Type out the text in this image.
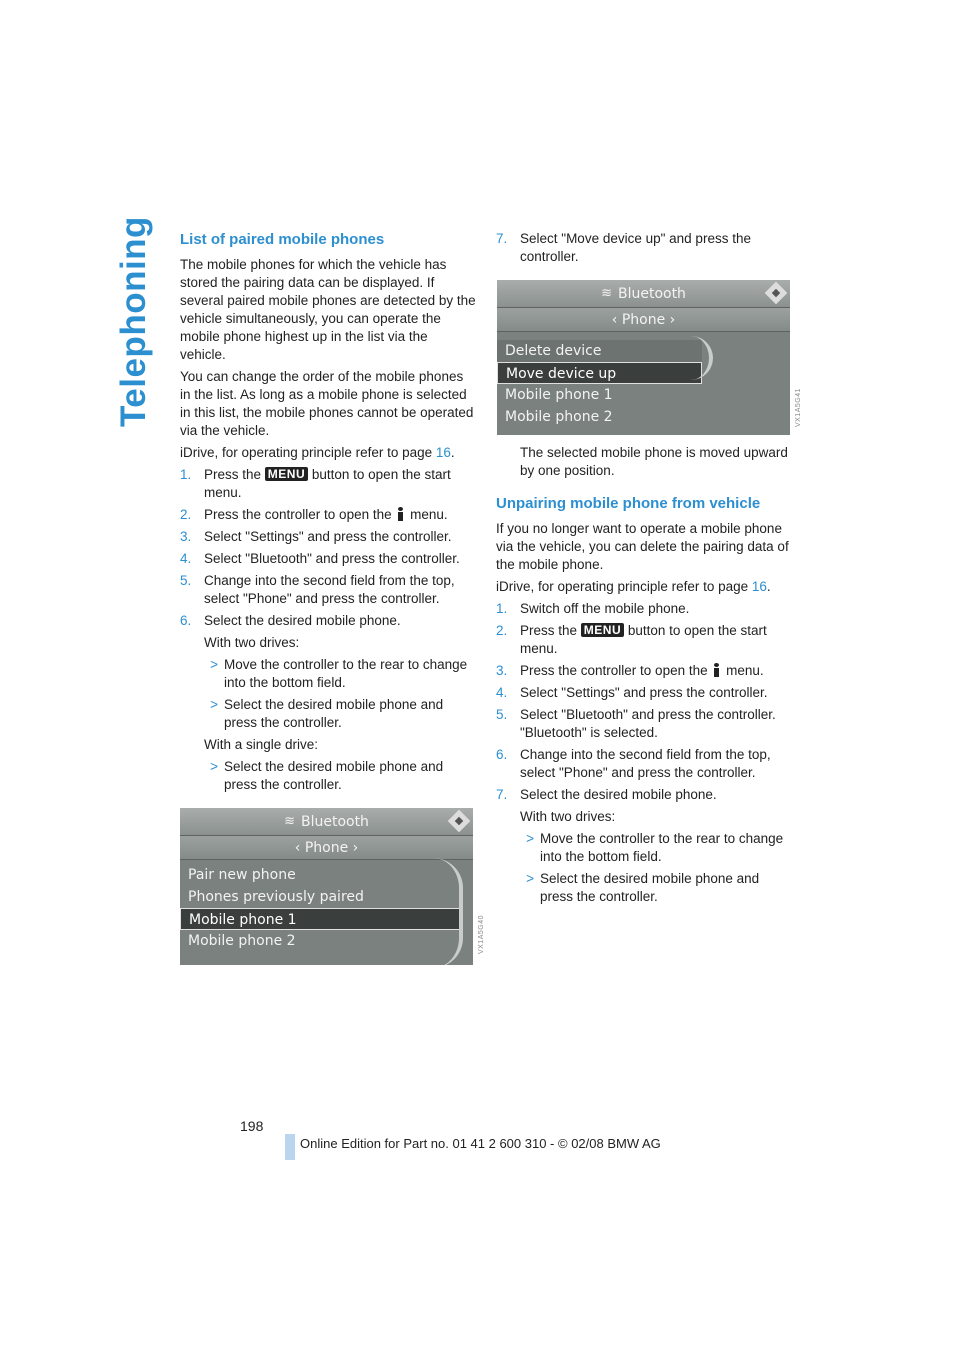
Telephoning List of paired mobile phones

The mobile phones for which the vehicle has stored the pairing data can be displayed. If several paired mobile phones are detected by the vehicle simultaneously, you can operate the mobile phone highest up in the list via the vehicle.

You can change the order of the mobile phones in the list. As long as a mobile phone is selected in this list, the mobile phones cannot be operated via the vehicle.

iDrive, for operating principle refer to page 16.

1. Press the MENU button to open the start menu.
2. Press the controller to open the  menu.
3. Select "Settings" and press the controller.
4. Select "Bluetooth" and press the controller.
5. Change into the second field from the top, select "Phone" and press the controller.
6. Select the desired mobile phone.

With two drives:

> Move the controller to the rear to change into the bottom field.
> Select the desired mobile phone and press the controller.

With a single drive:

> Select the desired mobile phone and press the controller.
≋ Bluetooth
‹ Phone ›
Pair new phone
Phones previously paired
Mobile phone 1
Mobile phone 2	VX1A5G40
7. Select "Move device up" and press the controller.
≋ Bluetooth
‹ Phone ›
Delete device
Move device up
Mobile phone 1
Mobile phone 2	VX1A5G41

The selected mobile phone is moved upward by one position.

Unpairing mobile phone from vehicle

If you no longer want to operate a mobile phone via the vehicle, you can delete the pairing data of the mobile phone.

iDrive, for operating principle refer to page 16.

1. Switch off the mobile phone.
2. Press the MENU button to open the start menu.
3. Press the controller to open the  menu.
4. Select "Settings" and press the controller.
5. Select "Bluetooth" and press the controller. "Bluetooth" is selected.
6. Change into the second field from the top, select "Phone" and press the controller.
7. Select the desired mobile phone.

With two drives:

> Move the controller to the rear to change into the bottom field.
> Select the desired mobile phone and press the controller.
198
Online Edition for Part no. 01 41 2 600 310 - © 02/08 BMW AG
